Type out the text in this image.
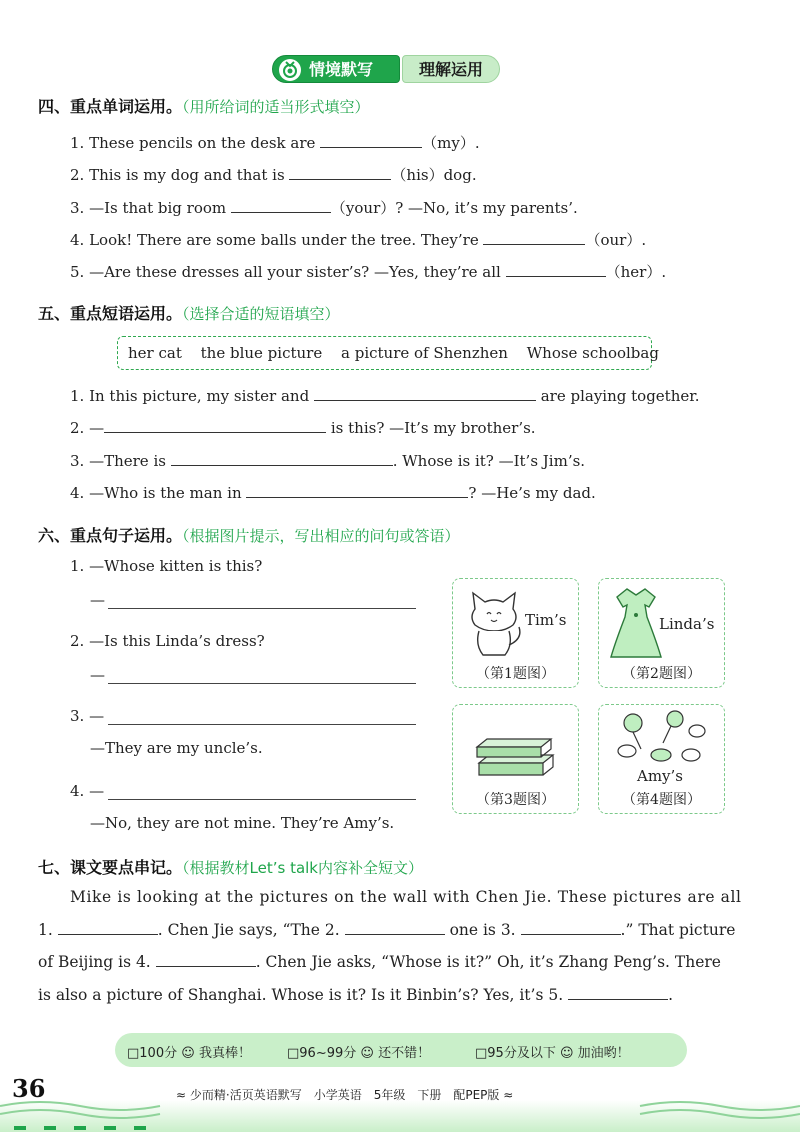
情境默写	理解运用
四、重点单词运用。（用所给词的适当形式填空）
1. These pencils on the desk are	（my）.
2. This is my dog and that is	（his）dog.
3. —Is that big room	（your）? —No, it’s my parents’.
4. Look! There are some balls under the tree. They’re	（our）.
5. —Are these dresses all your sister’s? —Yes, they’re all	（her）.
五、重点短语运用。（选择合适的短语填空）
her cat the blue picture a picture of Shenzhen Whose schoolbag
1. In this picture, my sister and	are playing together.
2. —	is this? —It’s my brother’s.
3. —There is	. Whose is it? —It’s Jim’s.
4. —Who is the man in	? —He’s my dad.
六、重点句子运用。（根据图片提示，写出相应的问句或答语）
1. —Whose kitten is this?
—
2. —Is this Linda’s dress?
—
3. —
—They are my uncle’s.
4. —
—No, they are not mine. They’re Amy’s.
Tim’s
（第1题图）
Linda’s
（第2题图）
（第3题图）
Amy’s
（第4题图）
七、课文要点串记。（根据教材Let’s talk内容补全短文）
Mike is looking at the pictures on the wall with Chen Jie. These pictures are all
1.	. Chen Jie says, “The 2.	one is 3.	.” That picture
of Beijing is 4.	. Chen Jie asks, “Whose is it?” Oh, it’s Zhang Peng’s. There
is also a picture of Shanghai. Whose is it? Is it Binbin’s? Yes, it’s 5.	.
□100分 ☺ 我真棒！	□96~99分 ☺ 还不错！	□95分及以下 ☺ 加油哟！
36	≈ 少而精·活页英语默写　小学英语　5年级　下册　配PEP版 ≈
